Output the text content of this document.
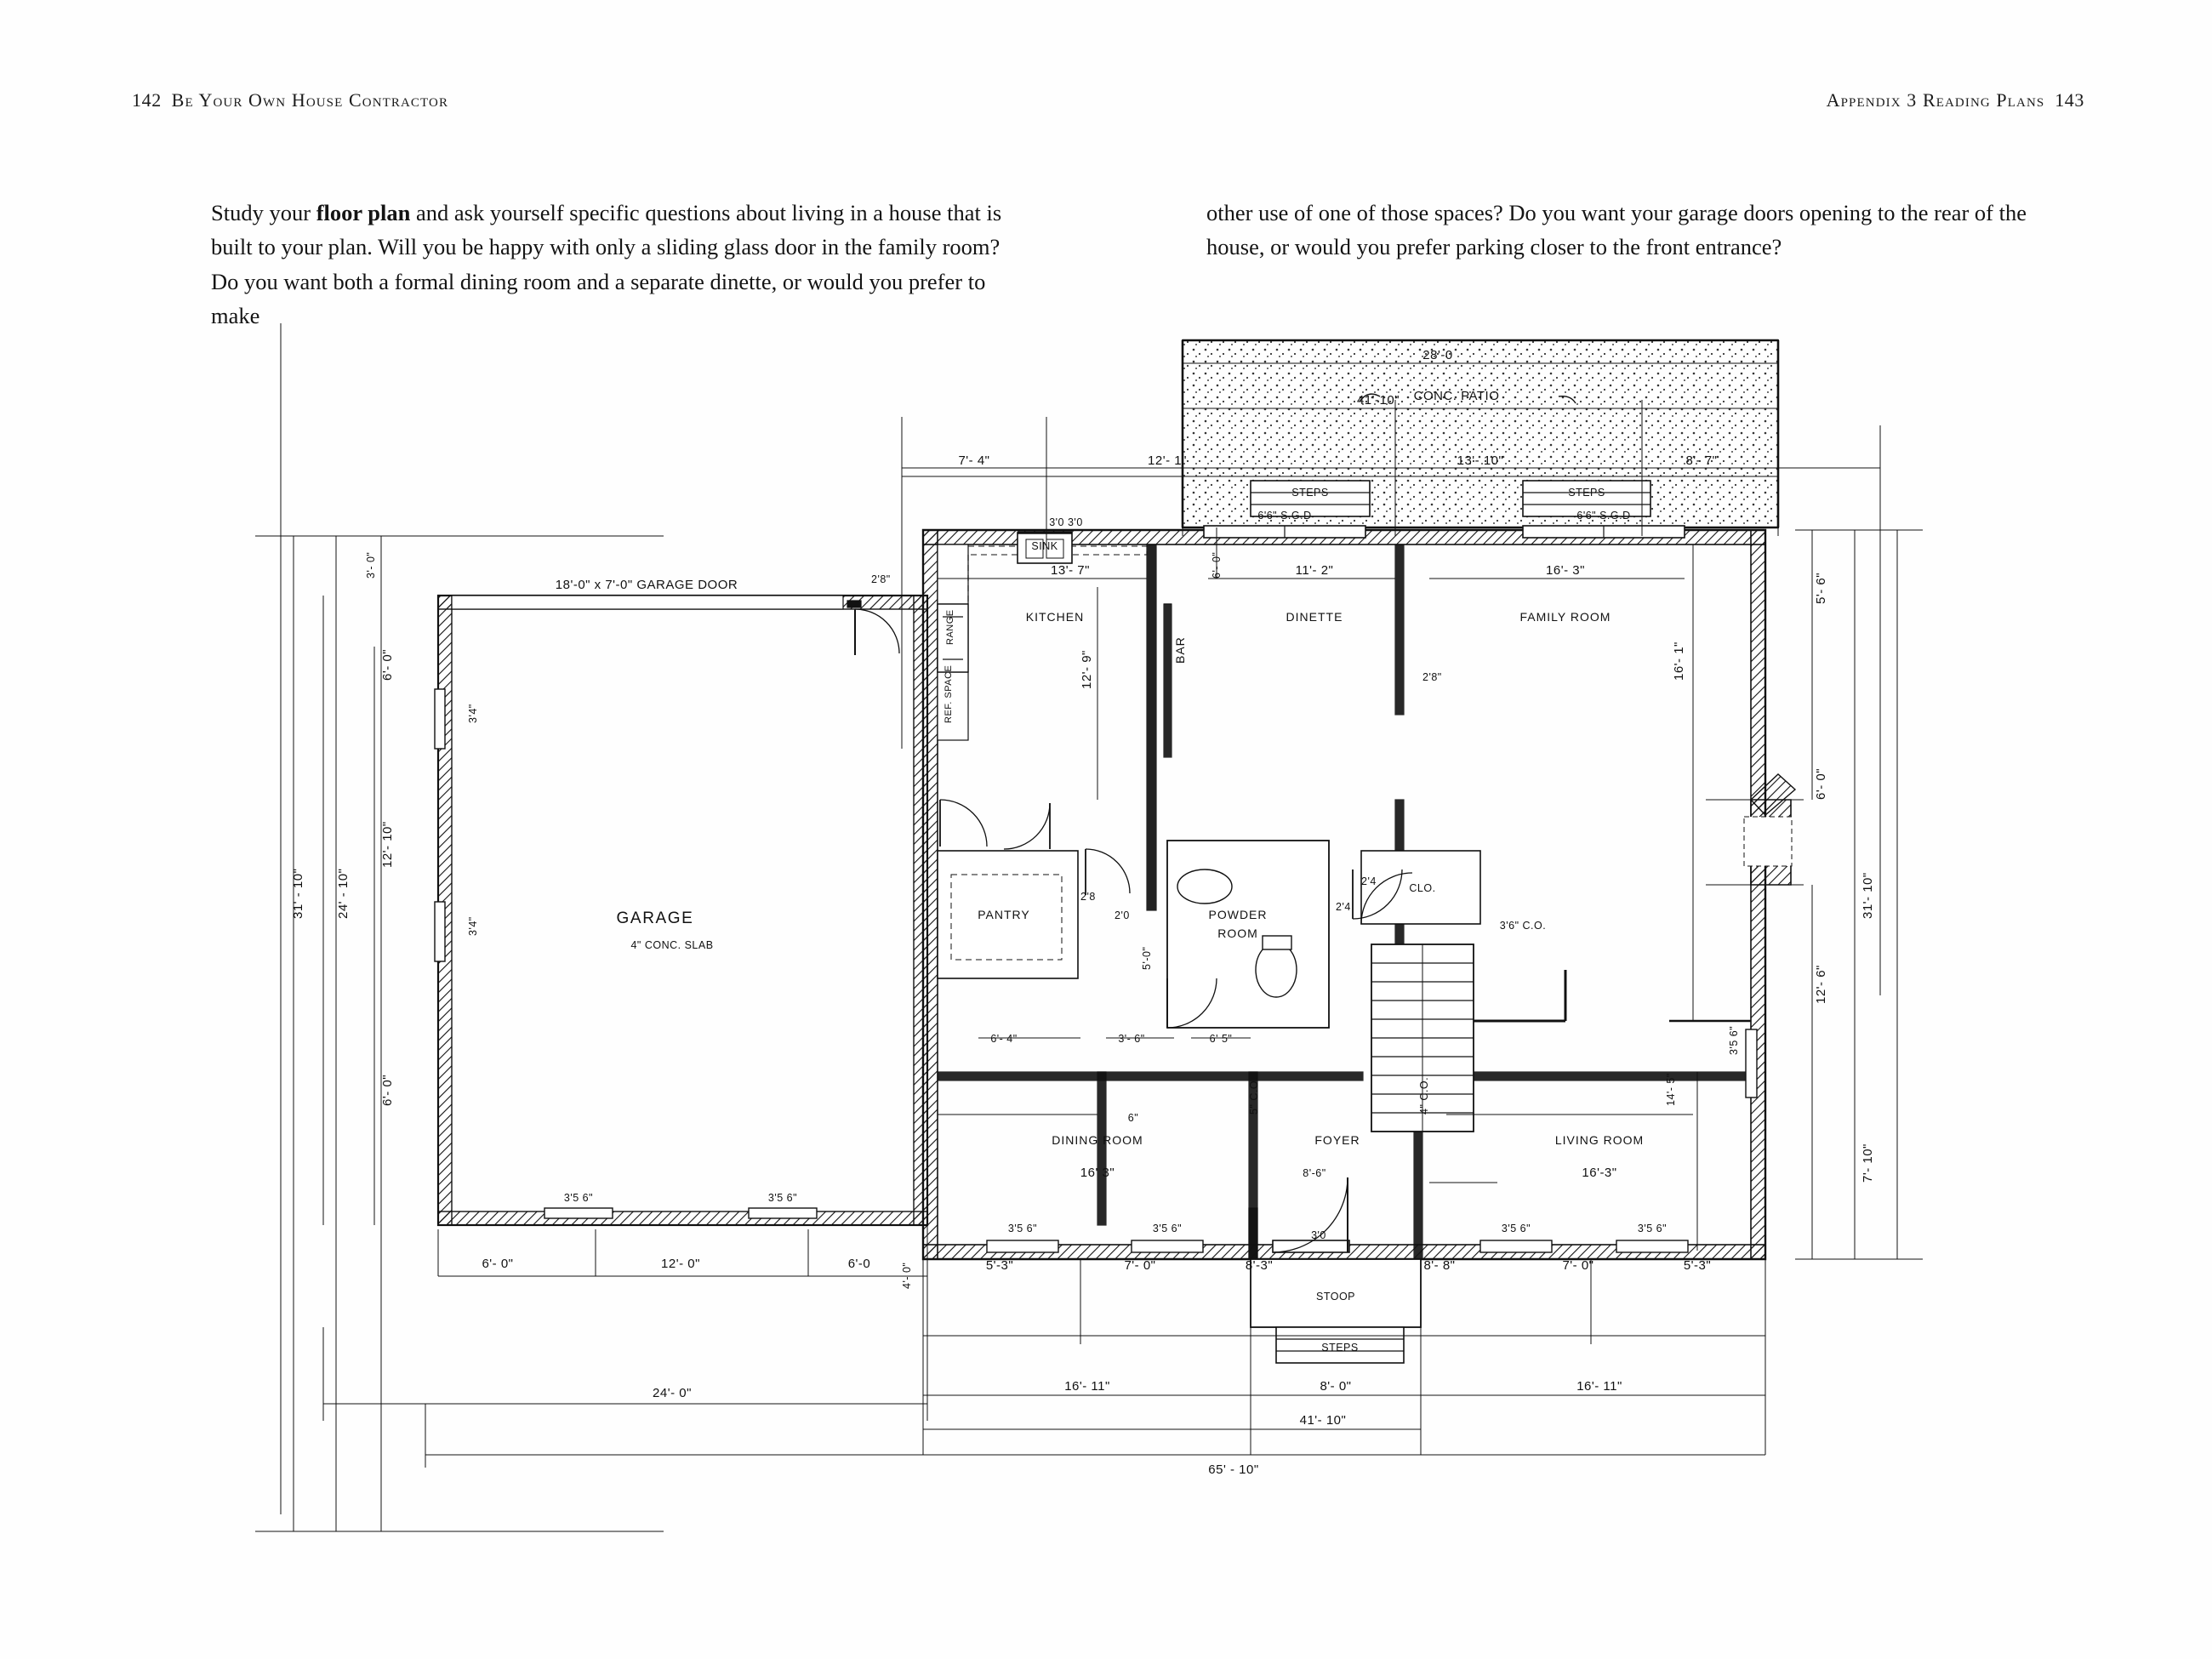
142 Be Your Own House Contractor	Appendix 3 Reading Plans 143
Study your floor plan and ask yourself specific questions about living in a house that is built to your plan. Will you be happy with only a sliding glass door in the family room? Do you want both a formal dining room and a separate dinette, or would you prefer to make
other use of one of those spaces? Do you want your garage doors opening to the rear of the house, or would you prefer parking closer to the front entrance?
28'-0
41'-10" CONC. PATIO
STEPS	STEPS
7'- 4"	12'- 1"	13'- 10"	8'- 7"
6'6" S.G.D	6'6" S.G.D
18'-0" x 7'-0" GARAGE DOOR
GARAGE
4" CONC. SLAB
3'4"
3'4"
3'5 6"	3'5 6"
2'8"
KITCHEN
SINK
RANGE
REF. SPACE
13'- 7"
12'- 9"
3'0 3'0
BAR
DINETTE
11'- 2"
6'- 0"
FAMILY ROOM
16'- 3"
16'- 1"
2'8"
PANTRY
6'- 4"	3'- 6"	6' 5"
2'0
2'8
5'-0"
POWDER
ROOM
2'4
CLO.
2'4
3'6" C.O.
DINING ROOM
6"
16' 3"
FOYER
8'-6"
5" C.O.	4" C.O.
LIVING ROOM
16'-3"
14'- 5"
3'5 6"
3'5 6"	3'5 6"	3'5 6"	3'5 6"
3'0
STOOP
STEPS
5'-3"	7'- 0"	8'-3"	8'- 8"	7'- 0"	5'-3"
16'- 11"	8'- 0"	16'- 11"
41'- 10"
65' - 10"
24'- 0"
6'- 0"	12'- 0"	6'-0	4'- 0"
31' - 10" 24' - 10"
12'- 10"
6'- 0"
6'- 0"
3'- 0"
5'- 6"
6'- 0"
12'- 6"
31'- 10"
7'- 10"
